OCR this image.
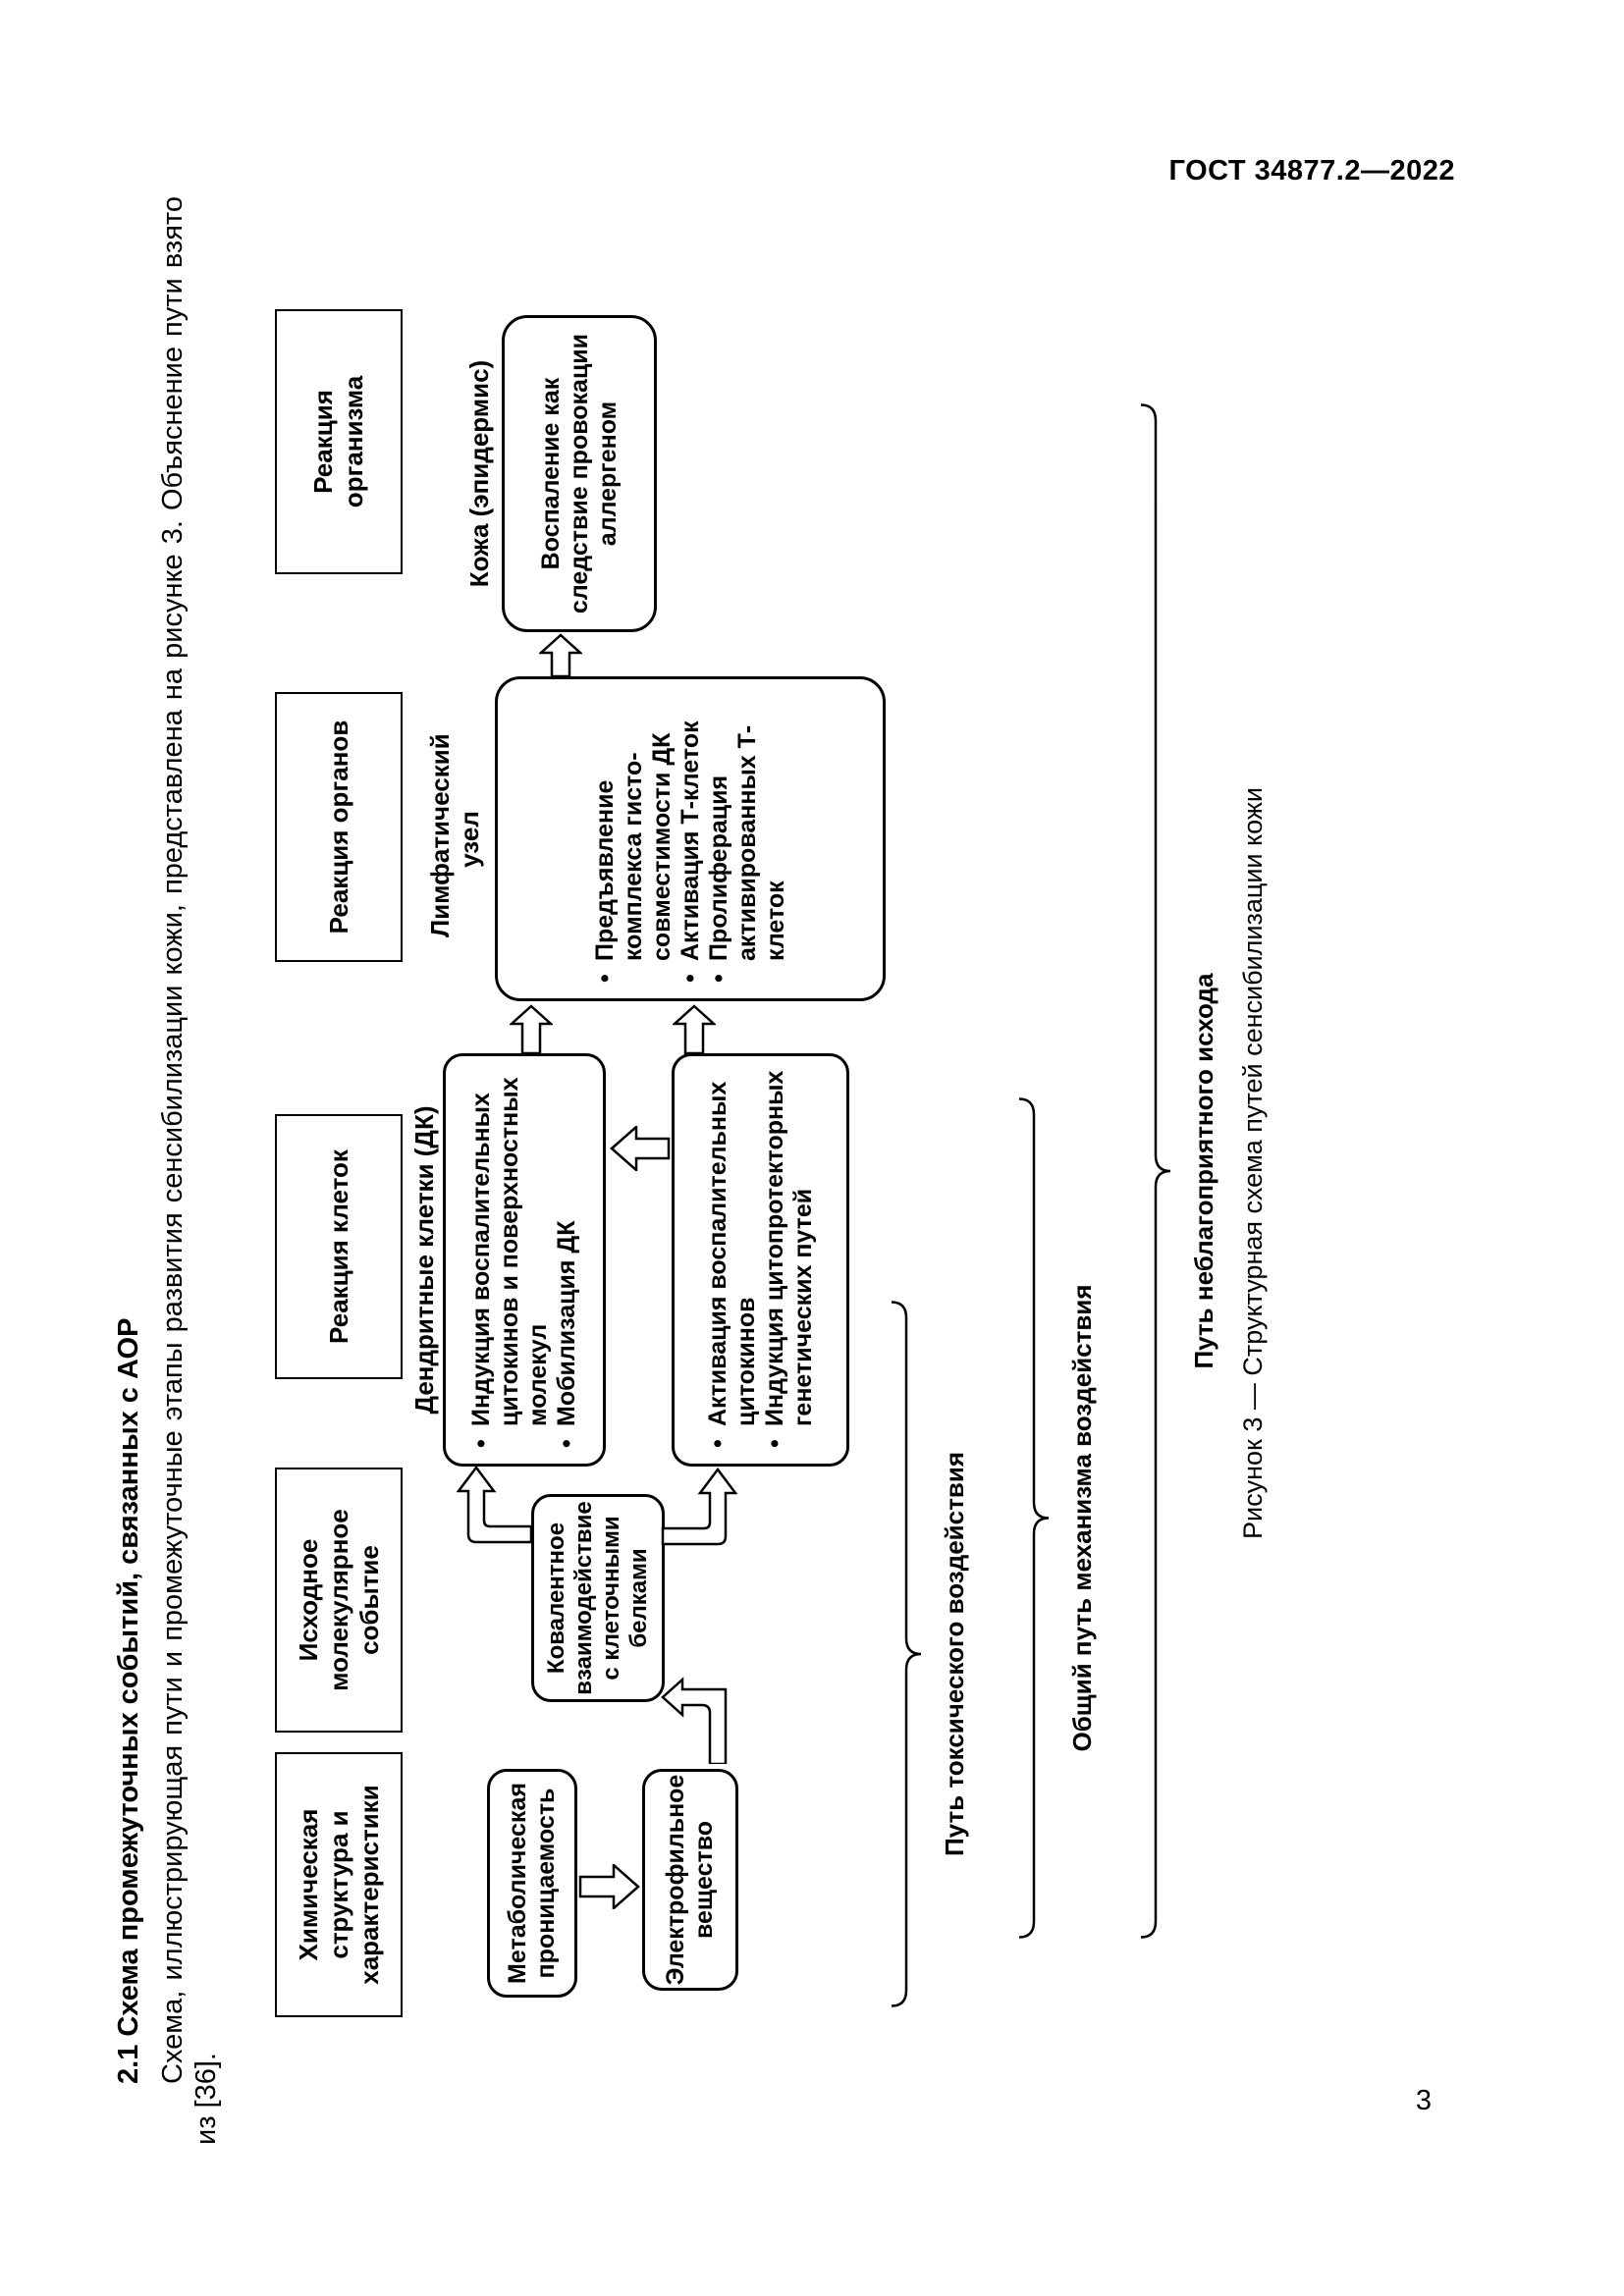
ГОСТ 34877.2—2022
3
2.1 Схема промежуточных событий, связанных с АОР Схема, иллюстрирующая пути и промежуточные этапы развития сенсибилизации кожи, представлена на рисунке 3. Объяснение пути взято из [36].
Химическая структура и характеристики
Исходное молекулярное событие
Реакция клеток
Реакция органов
Реакция организма
Метаболическая проницаемость	Электрофильное вещество
Ковалентное взаимодействие с клеточными белками
Дендритные клетки (ДК) • Индукция воспалительных цитокинов и поверхностных молекул • Мобилизация ДК	• Активация воспалительных цитокинов • Индукция цитопротекторных генетических путей
Лимфатический узел	• Предъявление комплекса гисто-совместимости ДК • Активация Т-клеток • Пролиферация активированных Т-клеток
Кожа (эпидермис) Воспаление как следствие провокации аллергеном
Путь токсического воздействия	Общий путь механизма воздействия
Путь неблагоприятного исхода Рисунок 3 — Структурная схема путей сенсибилизации кожи
